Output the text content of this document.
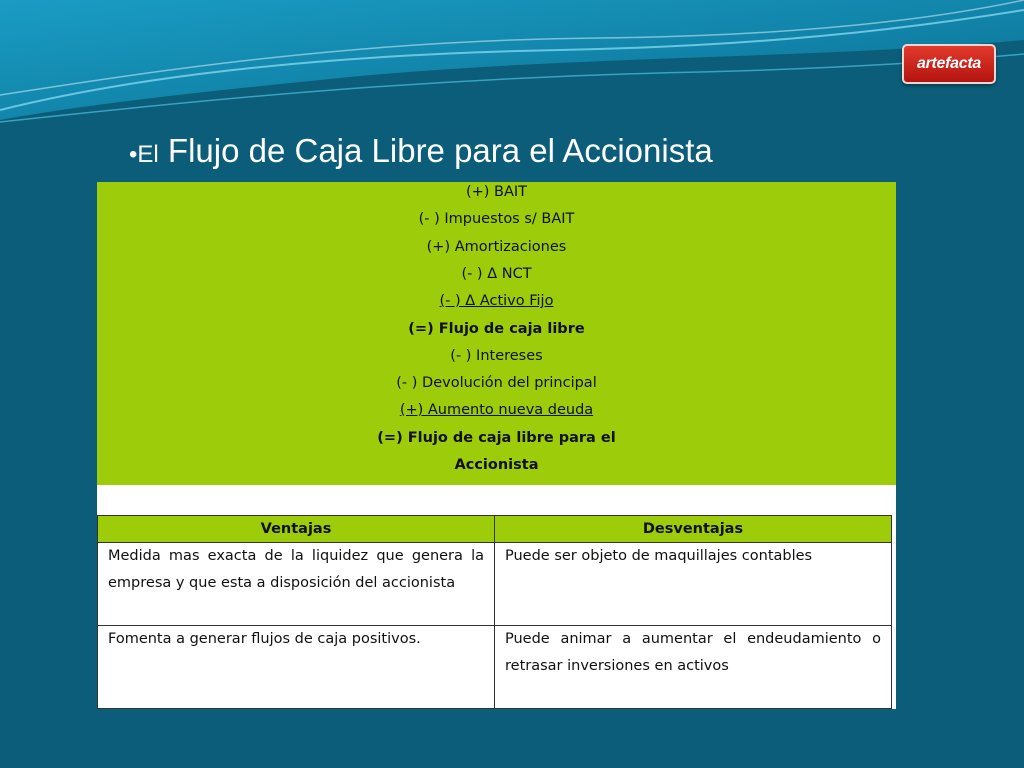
artefacta
•El Flujo de Caja Libre para el Accionista
(+) BAIT
(- ) Impuestos s/ BAIT
(+) Amortizaciones
(- ) Δ NCT
(- ) Δ Activo Fijo
(=) Flujo de caja libre
(- ) Intereses
(- ) Devolución del principal
(+) Aumento nueva deuda
(=) Flujo de caja libre para el
Accionista
Ventajas	Desventajas
Medida mas exacta de la liquidez que genera la empresa y que esta a disposición del accionista	Puede ser objeto de maquillajes contables
Fomenta a generar flujos de caja positivos.	Puede animar a aumentar el endeudamiento o retrasar inversiones en activos
